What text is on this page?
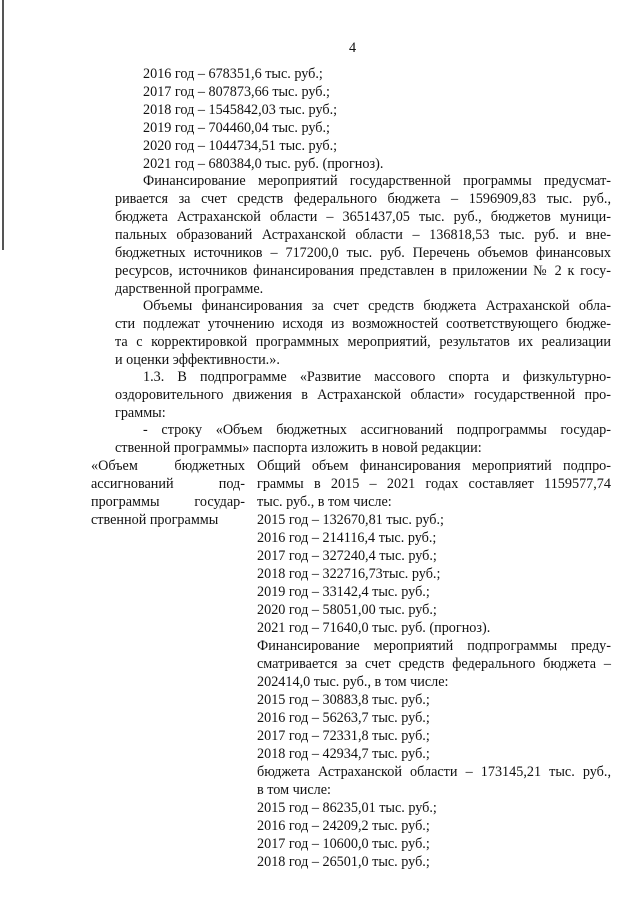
4
2016 год – 678351,6 тыс. руб.;
2017 год – 807873,66 тыс. руб.;
2018 год – 1545842,03 тыс. руб.;
2019 год – 704460,04 тыс. руб.;
2020 год – 1044734,51 тыс. руб.;
2021 год – 680384,0 тыс. руб. (прогноз).
Финансирование мероприятий государственной программы предусмат-
ривается за счет средств федерального бюджета – 1596909,83 тыс. руб.,
бюджета Астраханской области – 3651437,05 тыс. руб., бюджетов муници-
пальных образований Астраханской области – 136818,53 тыс. руб. и вне-
бюджетных источников – 717200,0 тыс. руб. Перечень объемов финансовых
ресурсов, источников финансирования представлен в приложении № 2 к госу-
дарственной программе.
Объемы финансирования за счет средств бюджета Астраханской обла-
сти подлежат уточнению исходя из возможностей соответствующего бюдже-
та с корректировкой программных мероприятий, результатов их реализации
и оценки эффективности.».
1.3. В подпрограмме «Развитие массового спорта и физкультурно-
оздоровительного движения в Астраханской области» государственной про-
граммы:
- строку «Объем бюджетных ассигнований подпрограммы государ-
ственной программы» паспорта изложить в новой редакции:
«Объем бюджетных
ассигнований под-
программы государ-
ственной программы
Общий объем финансирования мероприятий подпро-
граммы в 2015 – 2021 годах составляет 1159577,74
тыс. руб., в том числе:
2015 год – 132670,81 тыс. руб.;
2016 год – 214116,4 тыс. руб.;
2017 год – 327240,4 тыс. руб.;
2018 год – 322716,73тыс. руб.;
2019 год – 33142,4 тыс. руб.;
2020 год – 58051,00 тыс. руб.;
2021 год – 71640,0 тыс. руб. (прогноз).
Финансирование мероприятий подпрограммы преду-
сматривается за счет средств федерального бюджета –
202414,0 тыс. руб., в том числе:
2015 год – 30883,8 тыс. руб.;
2016 год – 56263,7 тыс. руб.;
2017 год – 72331,8 тыс. руб.;
2018 год – 42934,7 тыс. руб.;
бюджета Астраханской области – 173145,21 тыс. руб.,
в том числе:
2015 год – 86235,01 тыс. руб.;
2016 год – 24209,2 тыс. руб.;
2017 год – 10600,0 тыс. руб.;
2018 год – 26501,0 тыс. руб.;
